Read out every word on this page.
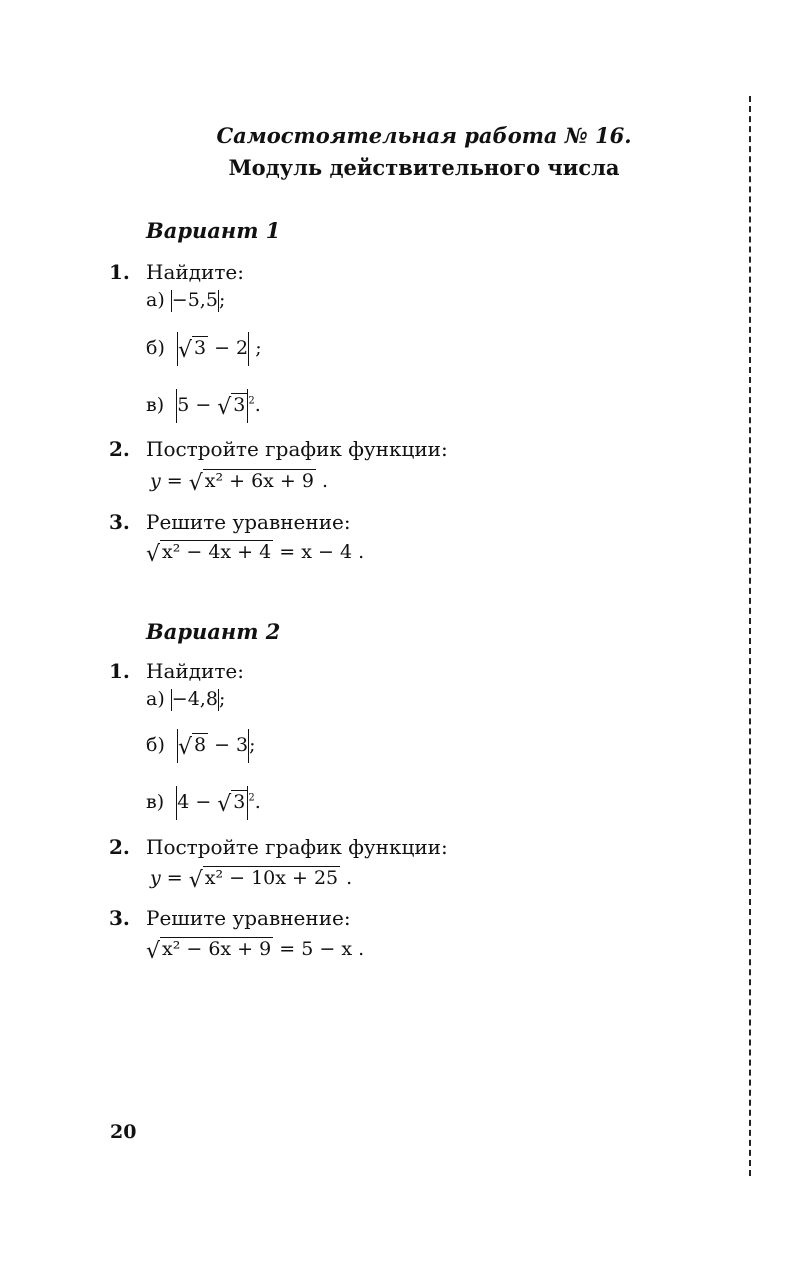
Самостоятельная работа № 16.
Модуль действительного числа
Вариант 1
1. Найдите:
а) −5,5;
б) √ 3 − 2 ;
в) 5 − √ 3 $^2$.
2. Постройте график функции:
y = √ x² + 6x + 9 .
3. Решите уравнение:
√ x² − 4x + 4 = x − 4 .
Вариант 2
1. Найдите:
а) −4,8;
б) √ 8 − 3;
в) 4 − √ 3 $^2$.
2. Постройте график функции:
y = √ x² − 10x + 25 .
3. Решите уравнение:
√ x² − 6x + 9 = 5 − x .
20
